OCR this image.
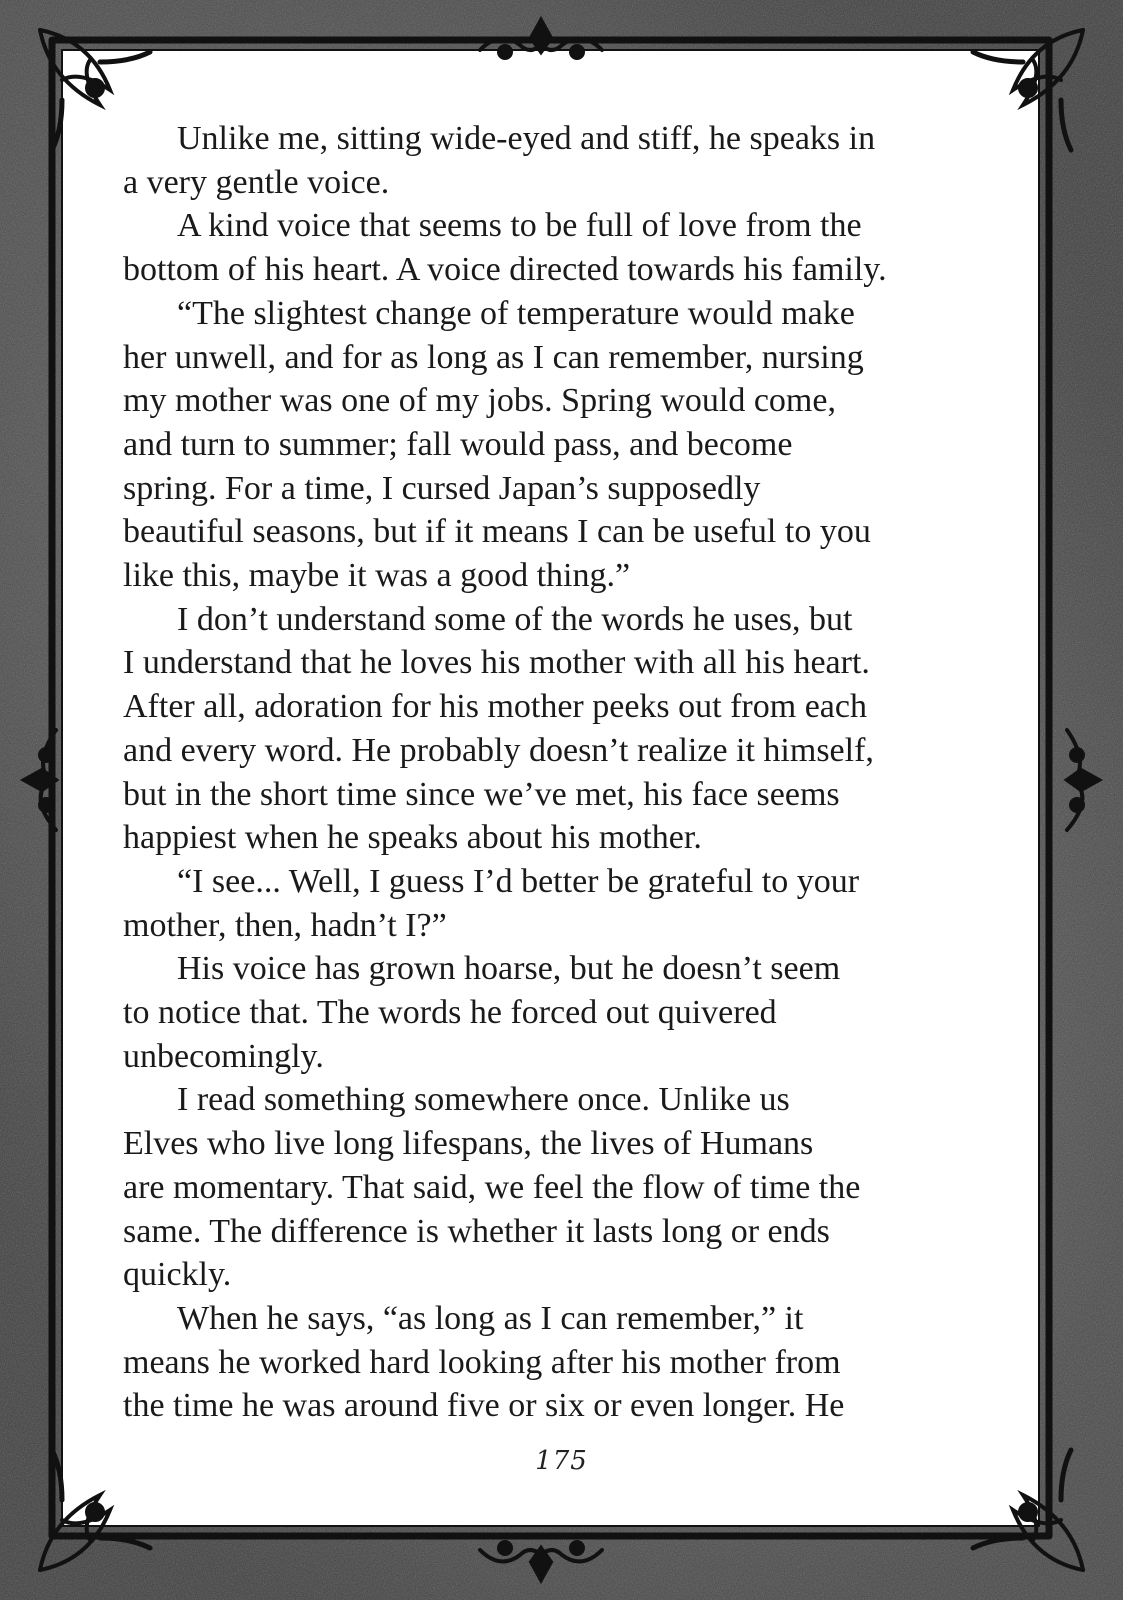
Unlike me, sitting wide-eyed and stiff, he speaks in
a very gentle voice.
A kind voice that seems to be full of love from the
bottom of his heart. A voice directed towards his family.
“The slightest change of temperature would make
her unwell, and for as long as I can remember, nursing
my mother was one of my jobs. Spring would come,
and turn to summer; fall would pass, and become
spring. For a time, I cursed Japan’s supposedly
beautiful seasons, but if it means I can be useful to you
like this, maybe it was a good thing.”
I don’t understand some of the words he uses, but
I understand that he loves his mother with all his heart.
After all, adoration for his mother peeks out from each
and every word. He probably doesn’t realize it himself,
but in the short time since we’ve met, his face seems
happiest when he speaks about his mother.
“I see... Well, I guess I’d better be grateful to your
mother, then, hadn’t I?”
His voice has grown hoarse, but he doesn’t seem
to notice that. The words he forced out quivered
unbecomingly.
I read something somewhere once. Unlike us
Elves who live long lifespans, the lives of Humans
are momentary. That said, we feel the flow of time the
same. The difference is whether it lasts long or ends
quickly.
When he says, “as long as I can remember,” it
means he worked hard looking after his mother from
the time he was around five or six or even longer. He
175
